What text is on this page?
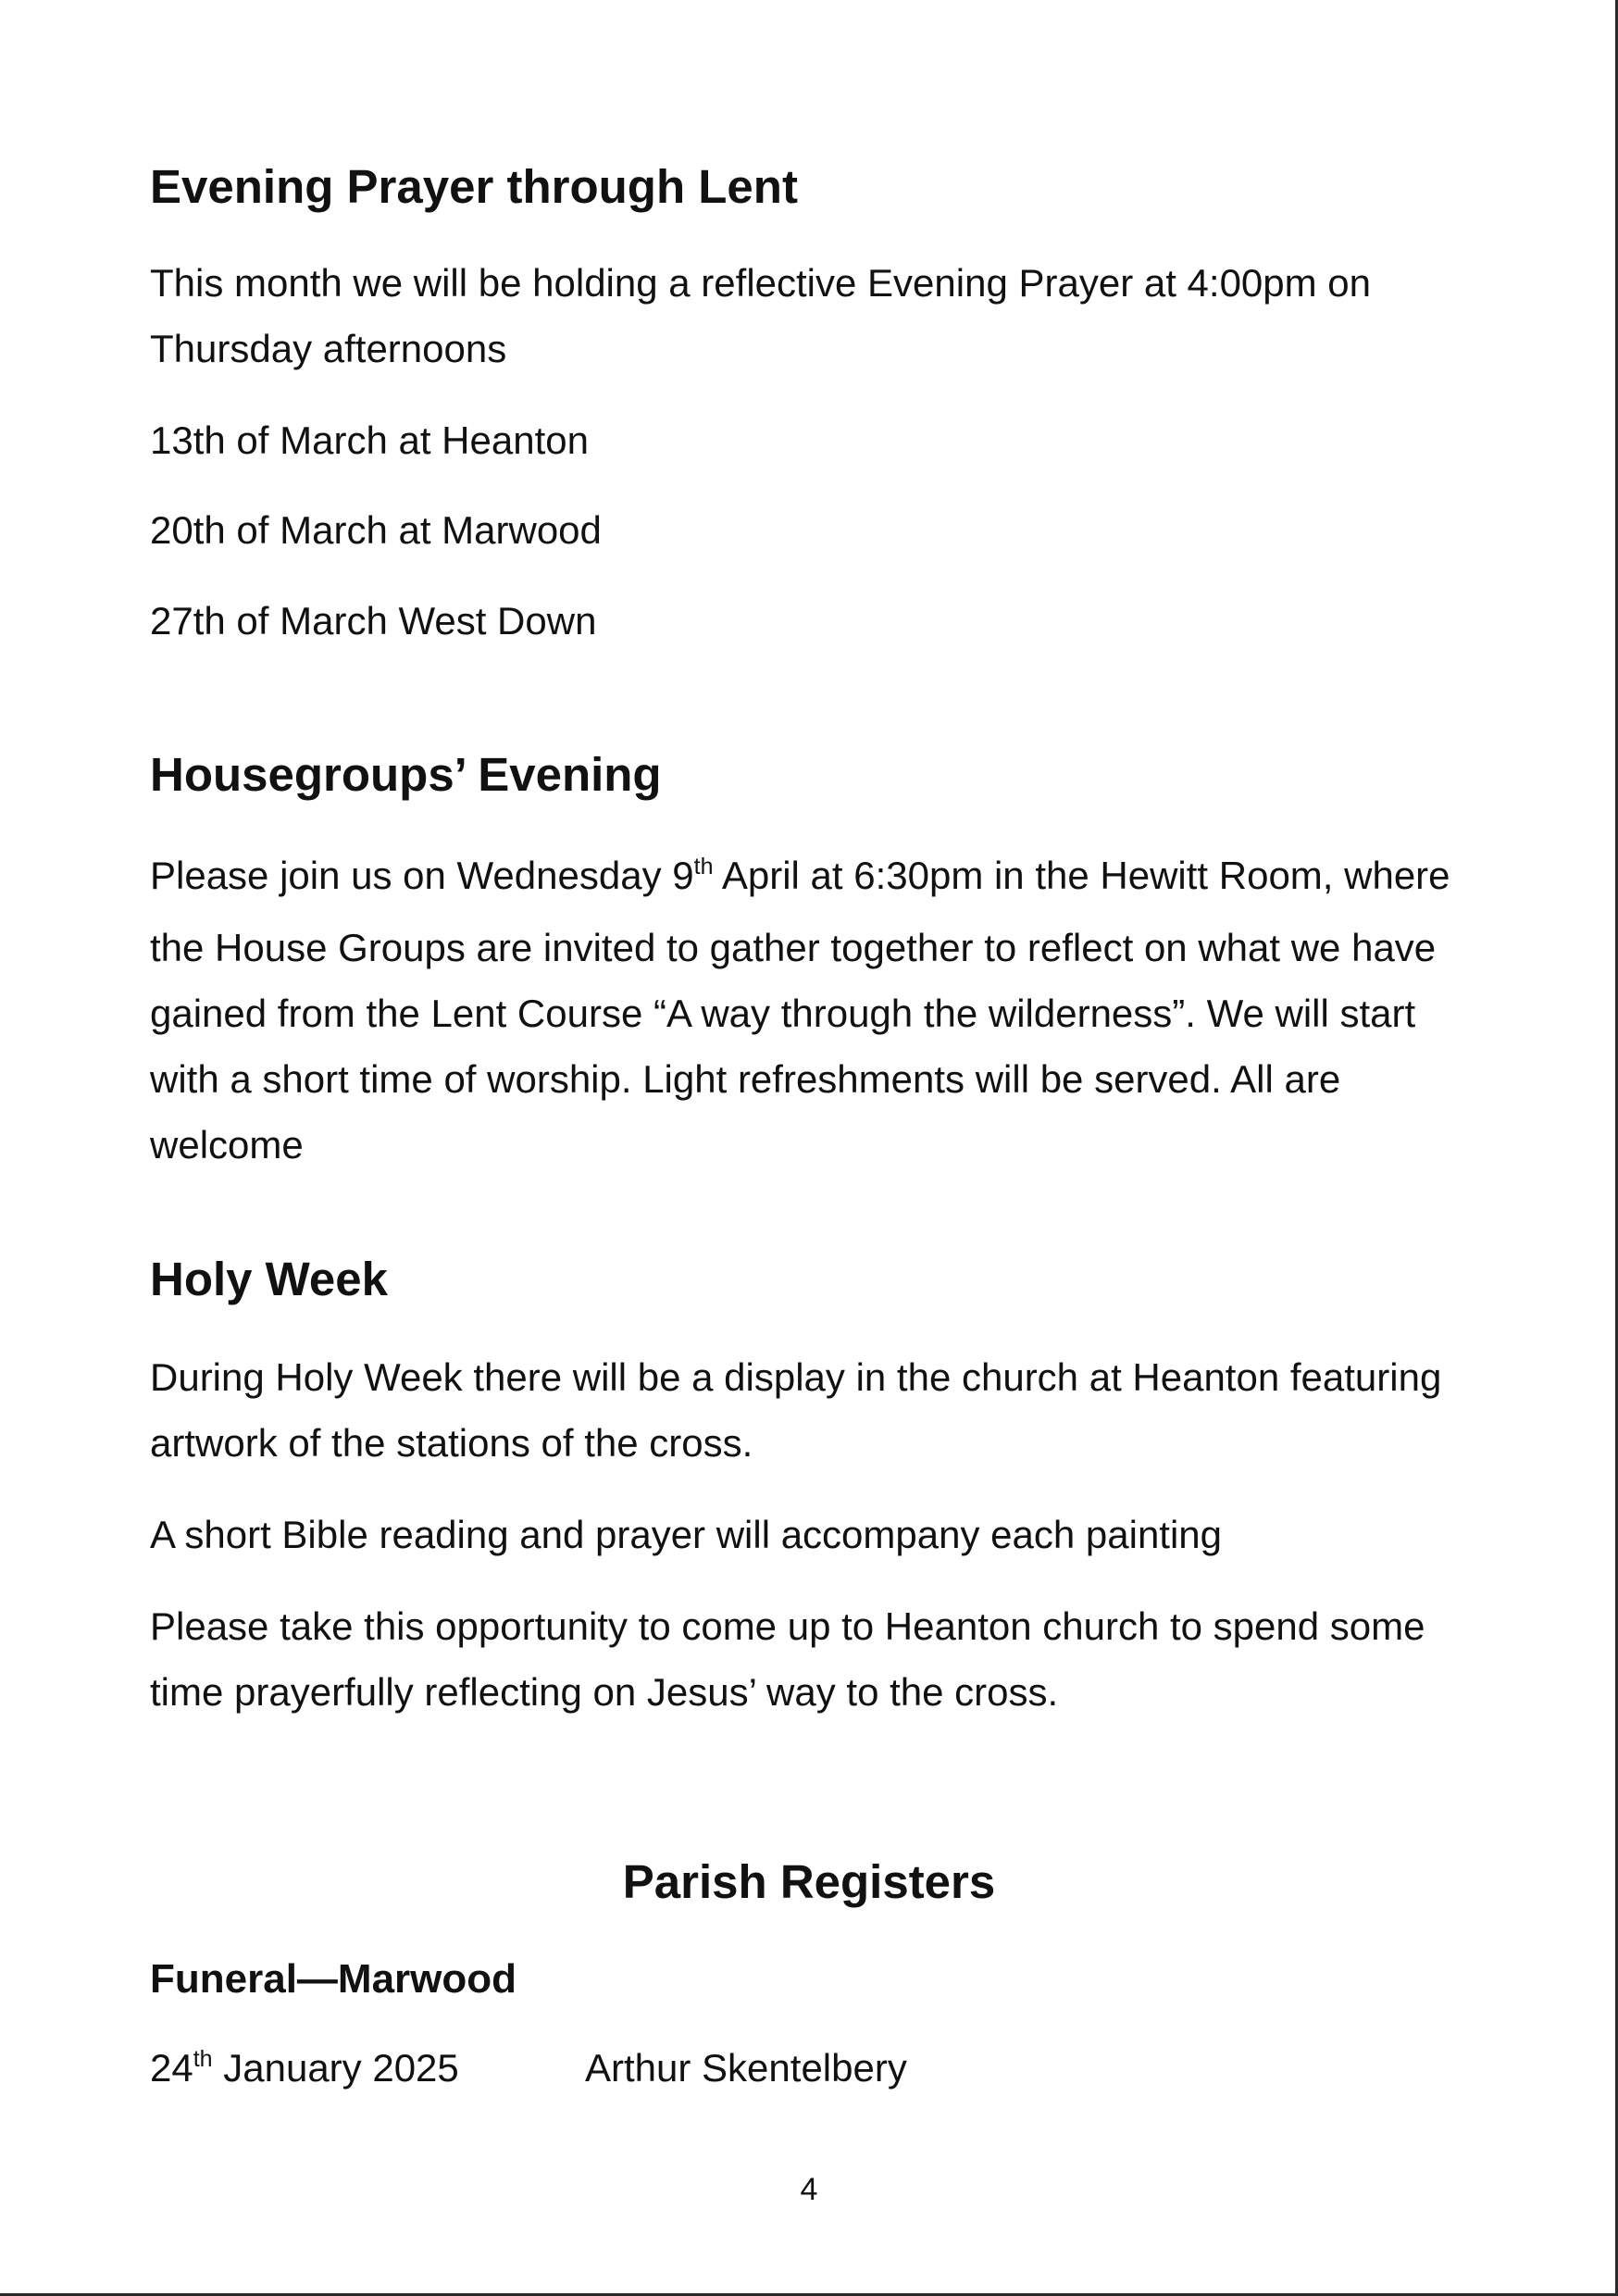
Evening Prayer through Lent

This month we will be holding a reflective Evening Prayer at 4:00pm on Thursday afternoons

13th of March at Heanton

20th of March at Marwood

27th of March West Down

Housegroups’ Evening

Please join us on Wednesday 9th April at 6:30pm in the Hewitt Room, where the House Groups are invited to gather together to reflect on what we have gained from the Lent Course “A way through the wilderness”. We will start with a short time of worship. Light refreshments will be served. All are welcome

Holy Week

During Holy Week there will be a display in the church at Heanton featuring artwork of the stations of the cross.

A short Bible reading and prayer will accompany each painting

Please take this opportunity to come up to Heanton church to spend some time prayerfully reflecting on Jesus’ way to the cross.

Parish Registers
Funeral—Marwood
24th January 2025	Arthur Skentelbery
4
